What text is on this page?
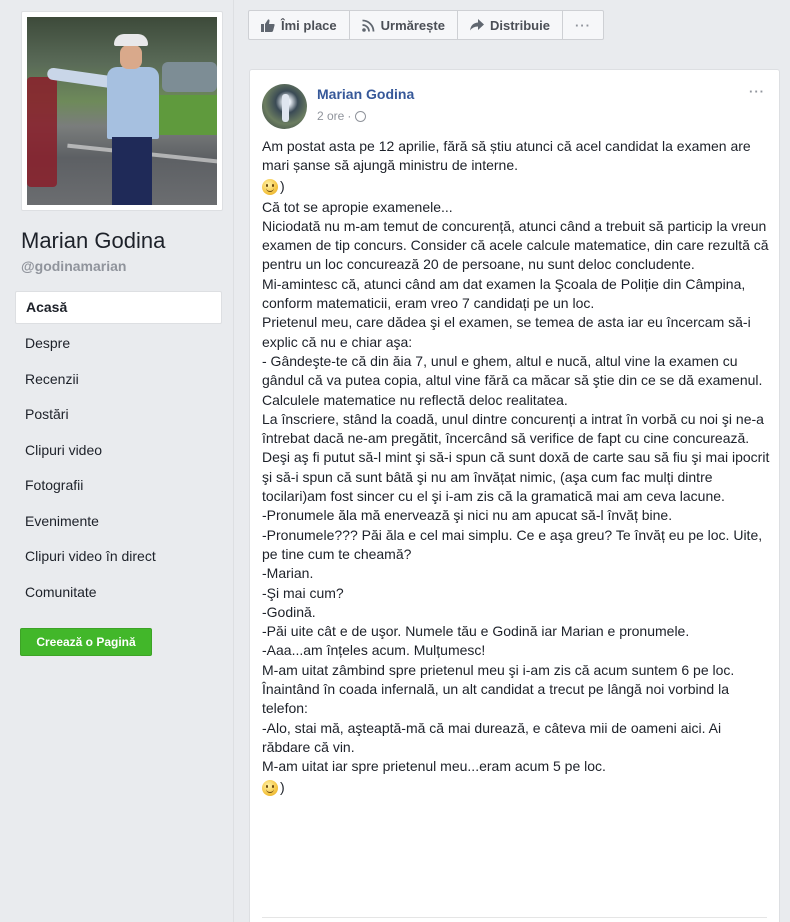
Marian Godina
@godinamarian
Acasă
Despre
Recenzii
Postări
Clipuri video
Fotografii
Evenimente
Clipuri video în direct
Comunitate
Creează o Pagină
Îmi place	Urmărește	Distribuie ···
Marian Godina
2 ore ·
···

Am postat asta pe 12 aprilie, fără să știu atunci că acel candidat la examen are mari șanse să ajungă ministru de interne.

)

Că tot se apropie examenele...

Niciodată nu m-am temut de concurență, atunci când a trebuit să particip la vreun examen de tip concurs. Consider că acele calcule matematice, din care rezultă că pentru un loc concurează 20 de persoane, nu sunt deloc concludente.

Mi-amintesc că, atunci când am dat examen la Şcoala de Poliție din Câmpina, conform matematicii, eram vreo 7 candidați pe un loc.

Prietenul meu, care dădea şi el examen, se temea de asta iar eu încercam să-i explic că nu e chiar aşa:

- Gândeşte-te că din ăia 7, unul e ghem, altul e nucă, altul vine la examen cu gândul că va putea copia, altul vine fără ca măcar să ştie din ce se dă examenul. Calculele matematice nu reflectă deloc realitatea.

La înscriere, stând la coadă, unul dintre concurenți a intrat în vorbă cu noi şi ne-a întrebat dacă ne-am pregătit, încercând să verifice de fapt cu cine concurează. Deşi aş fi putut să-l mint şi să-i spun că sunt doxă de carte sau să fiu şi mai ipocrit şi să-i spun că sunt bâtă şi nu am învățat nimic, (aşa cum fac mulți dintre tocilari)am fost sincer cu el şi i-am zis că la gramatică mai am ceva lacune.

-Pronumele ăla mă enervează şi nici nu am apucat să-l învăț bine.

-Pronumele??? Păi ăla e cel mai simplu. Ce e aşa greu? Te învăț eu pe loc. Uite, pe tine cum te cheamă?

-Marian.

-Şi mai cum?

-Godină.

-Păi uite cât e de uşor. Numele tău e Godină iar Marian e pronumele.

-Aaa...am înțeles acum. Mulțumesc!

M-am uitat zâmbind spre prietenul meu şi i-am zis că acum suntem 6 pe loc. Înaintând în coada infernală, un alt candidat a trecut pe lângă noi vorbind la telefon:

-Alo, stai mă, aşteaptă-mă că mai durează, e câteva mii de oameni aici. Ai răbdare că vin.

M-am uitat iar spre prietenul meu...eram acum 5 pe loc.

)
